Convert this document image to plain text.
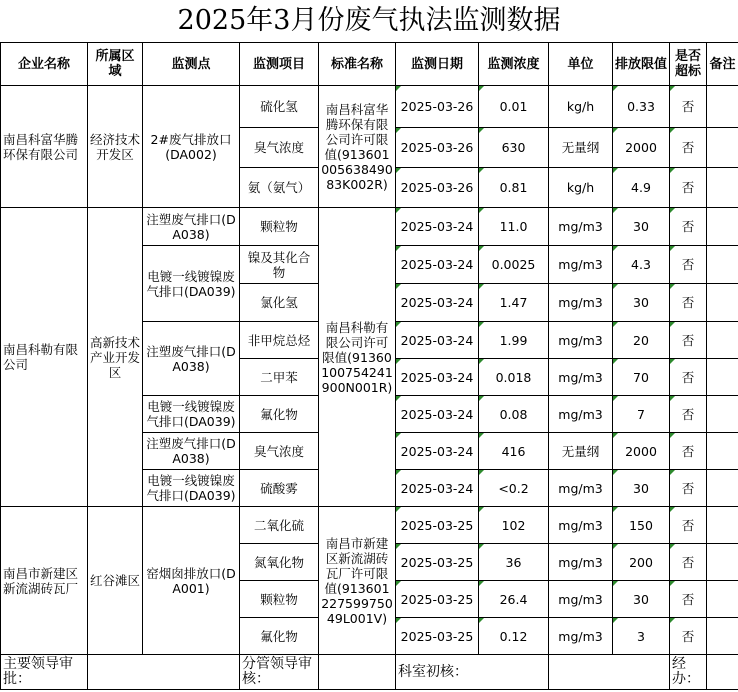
2025年3月份废气执法监测数据
企业名称	所属区域	监测点	监测项目	标准名称	监测日期	监测浓度	单位	排放限值	是否超标	备注
南昌科富华腾环保有限公司	经济技术开发区	2#废气排放口(DA002)	硫化氢	南昌科富华腾环保有限公司许可限值(91360100563849083K002R)	2025-03-26	0.01	kg/h	0.33	否	
			臭气浓度		2025-03-26	630	无量纲	2000	否	
			氨（氨气）		2025-03-26	0.81	kg/h	4.9	否	
南昌科勒有限公司	高新技术产业开发区	注塑废气排口(DA038)	颗粒物	南昌科勒有限公司许可限值(91360100754241900N001R)	2025-03-24	11.0	mg/m3	30	否	
		电镀一线镀镍废气排口(DA039)	镍及其化合物		2025-03-24	0.0025	mg/m3	4.3	否	
			氯化氢		2025-03-24	1.47	mg/m3	30	否	
		注塑废气排口(DA038)	非甲烷总烃		2025-03-24	1.99	mg/m3	20	否	
			二甲苯		2025-03-24	0.018	mg/m3	70	否	
		电镀一线镀镍废气排口(DA039)	氟化物		2025-03-24	0.08	mg/m3	7	否	
		注塑废气排口(DA038)	臭气浓度		2025-03-24	416	无量纲	2000	否	
		电镀一线镀镍废气排口(DA039)	硫酸雾		2025-03-24	<0.2	mg/m3	30	否	
南昌市新建区新流湖砖瓦厂	红谷滩区	窑烟囱排放口(DA001)	二氧化硫	南昌市新建区新流湖砖瓦厂许可限值(91360122759975049L001V)	2025-03-25	102	mg/m3	150	否	
			氮氧化物		2025-03-25	36	mg/m3	200	否	
			颗粒物		2025-03-25	26.4	mg/m3	30	否	
			氟化物		2025-03-25	0.12	mg/m3	3	否	
主要领导审批：			分管领导审核：		科室初核：				经办：	
